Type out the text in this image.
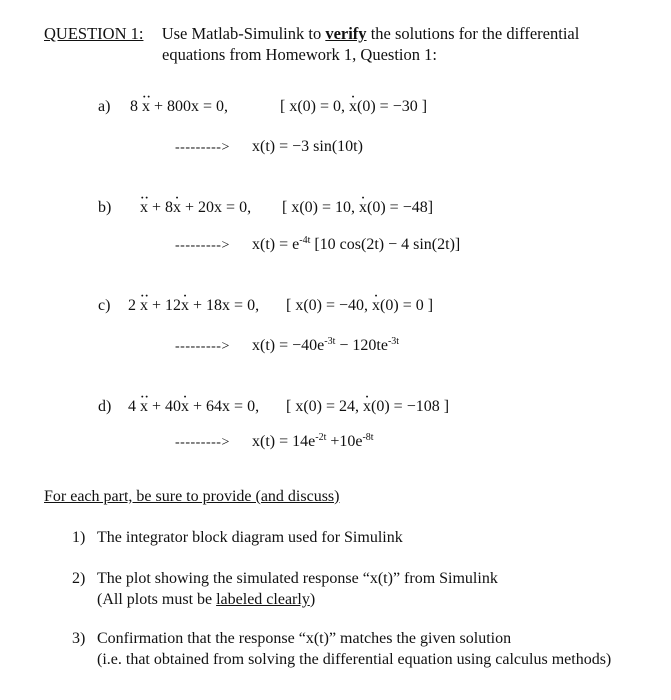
QUESTION 1: Use Matlab-Simulink to verify the solutions for the differential
equations from Homework 1, Question 1:
a) 8 ·· x + 800x = 0,	[ x(0) = 0, · x(0) = −30 ]
---------> x(t) = −3 sin(10t)
b) ·· x + 8· x + 20x = 0, [ x(0) = 10, · x(0) = −48]
---------> $x(t) = e^{-4t}$ [10 cos(2t) − 4 sin(2t)]
c) 2 ·· x + 12· x + 18x = 0, [ x(0) = −40, · x(0) = 0 ]
---------> $x(t) = -40e^{-3t} - 120te^{-3t}$
d) 4 ·· x + 40· x + 64x = 0, [ x(0) = 24, · x(0) = −108 ]
---------> $x(t) = 14e^{-2t} +10e^{-8t}$
For each part, be sure to provide (and discuss)
1) The integrator block diagram used for Simulink
2) The plot showing the simulated response “x(t)” from Simulink
(All plots must be labeled clearly)
3) Confirmation that the response “x(t)” matches the given solution
(i.e. that obtained from solving the differential equation using calculus methods)
